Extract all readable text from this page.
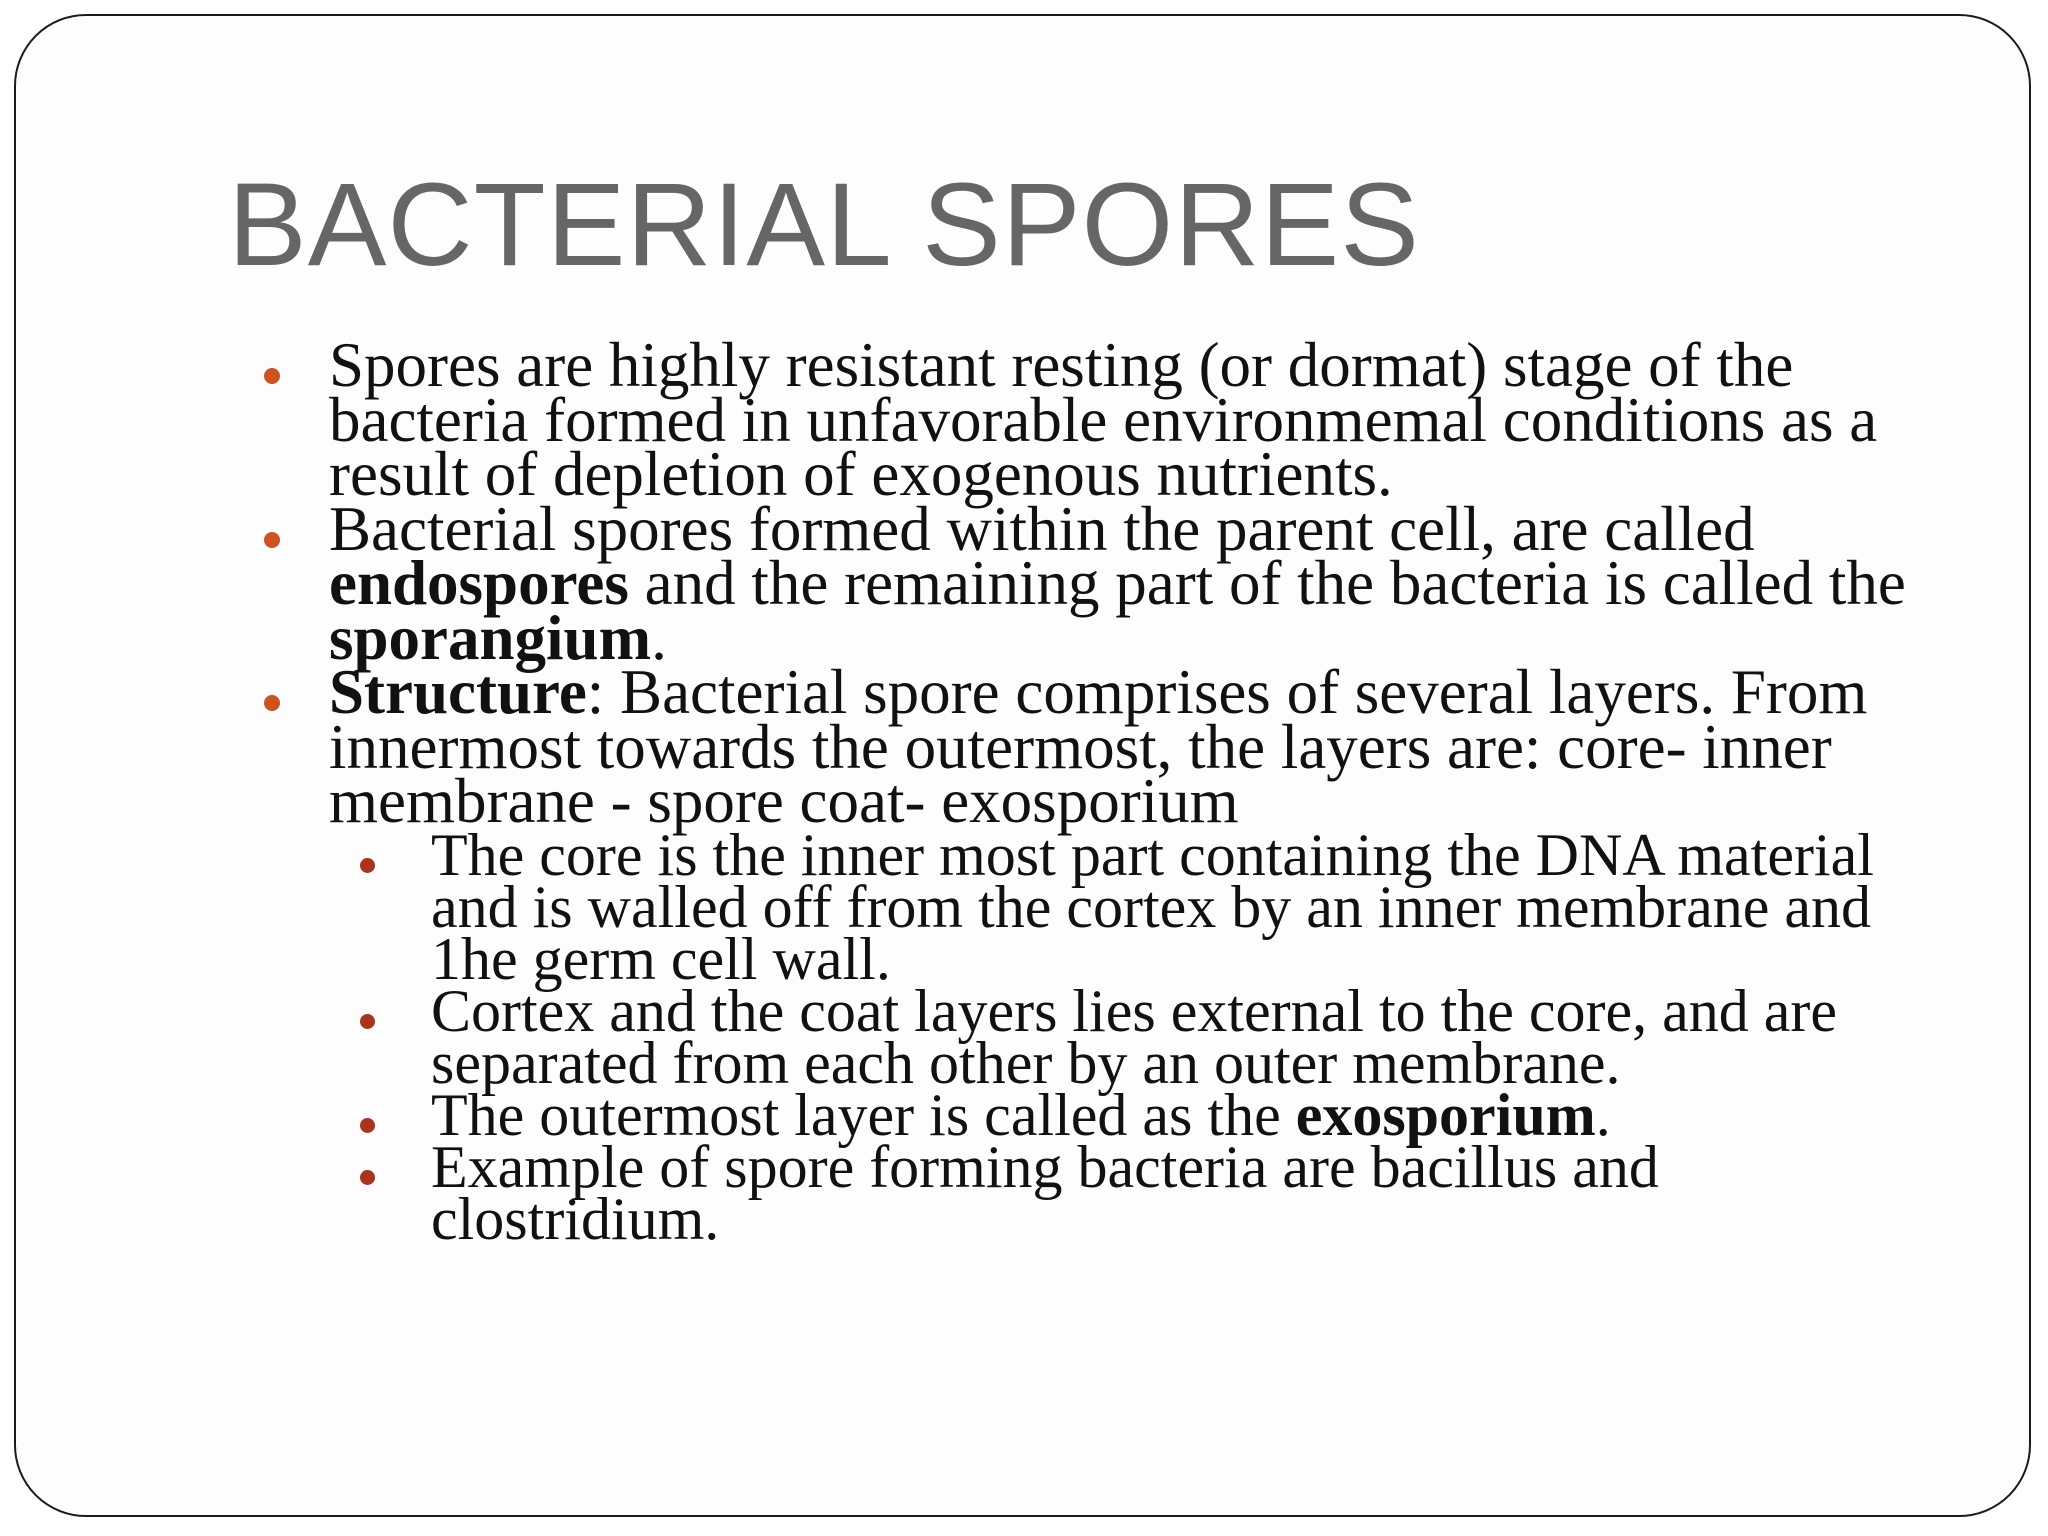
BACTERIAL SPORES
Spores are highly resistant resting (or dormat) stage of the bacteria formed in unfavorable environmemal conditions as a result of depletion of exogenous nutrients.
Bacterial spores formed within the parent cell, are called endospores and the remaining part of the bacteria is called the sporangium.
Structure: Bacterial spore comprises of several layers. From innermost towards the outermost, the layers are: core- inner membrane - spore coat- exosporium
The core is the inner most part containing the DNA material and is walled off from the cortex by an inner membrane and 1he germ cell wall.
Cortex and the coat layers lies external to the core, and are separated from each other by an outer membrane.
The outermost layer is called as the exosporium.
Example of spore forming bacteria are bacillus and clostridium.
